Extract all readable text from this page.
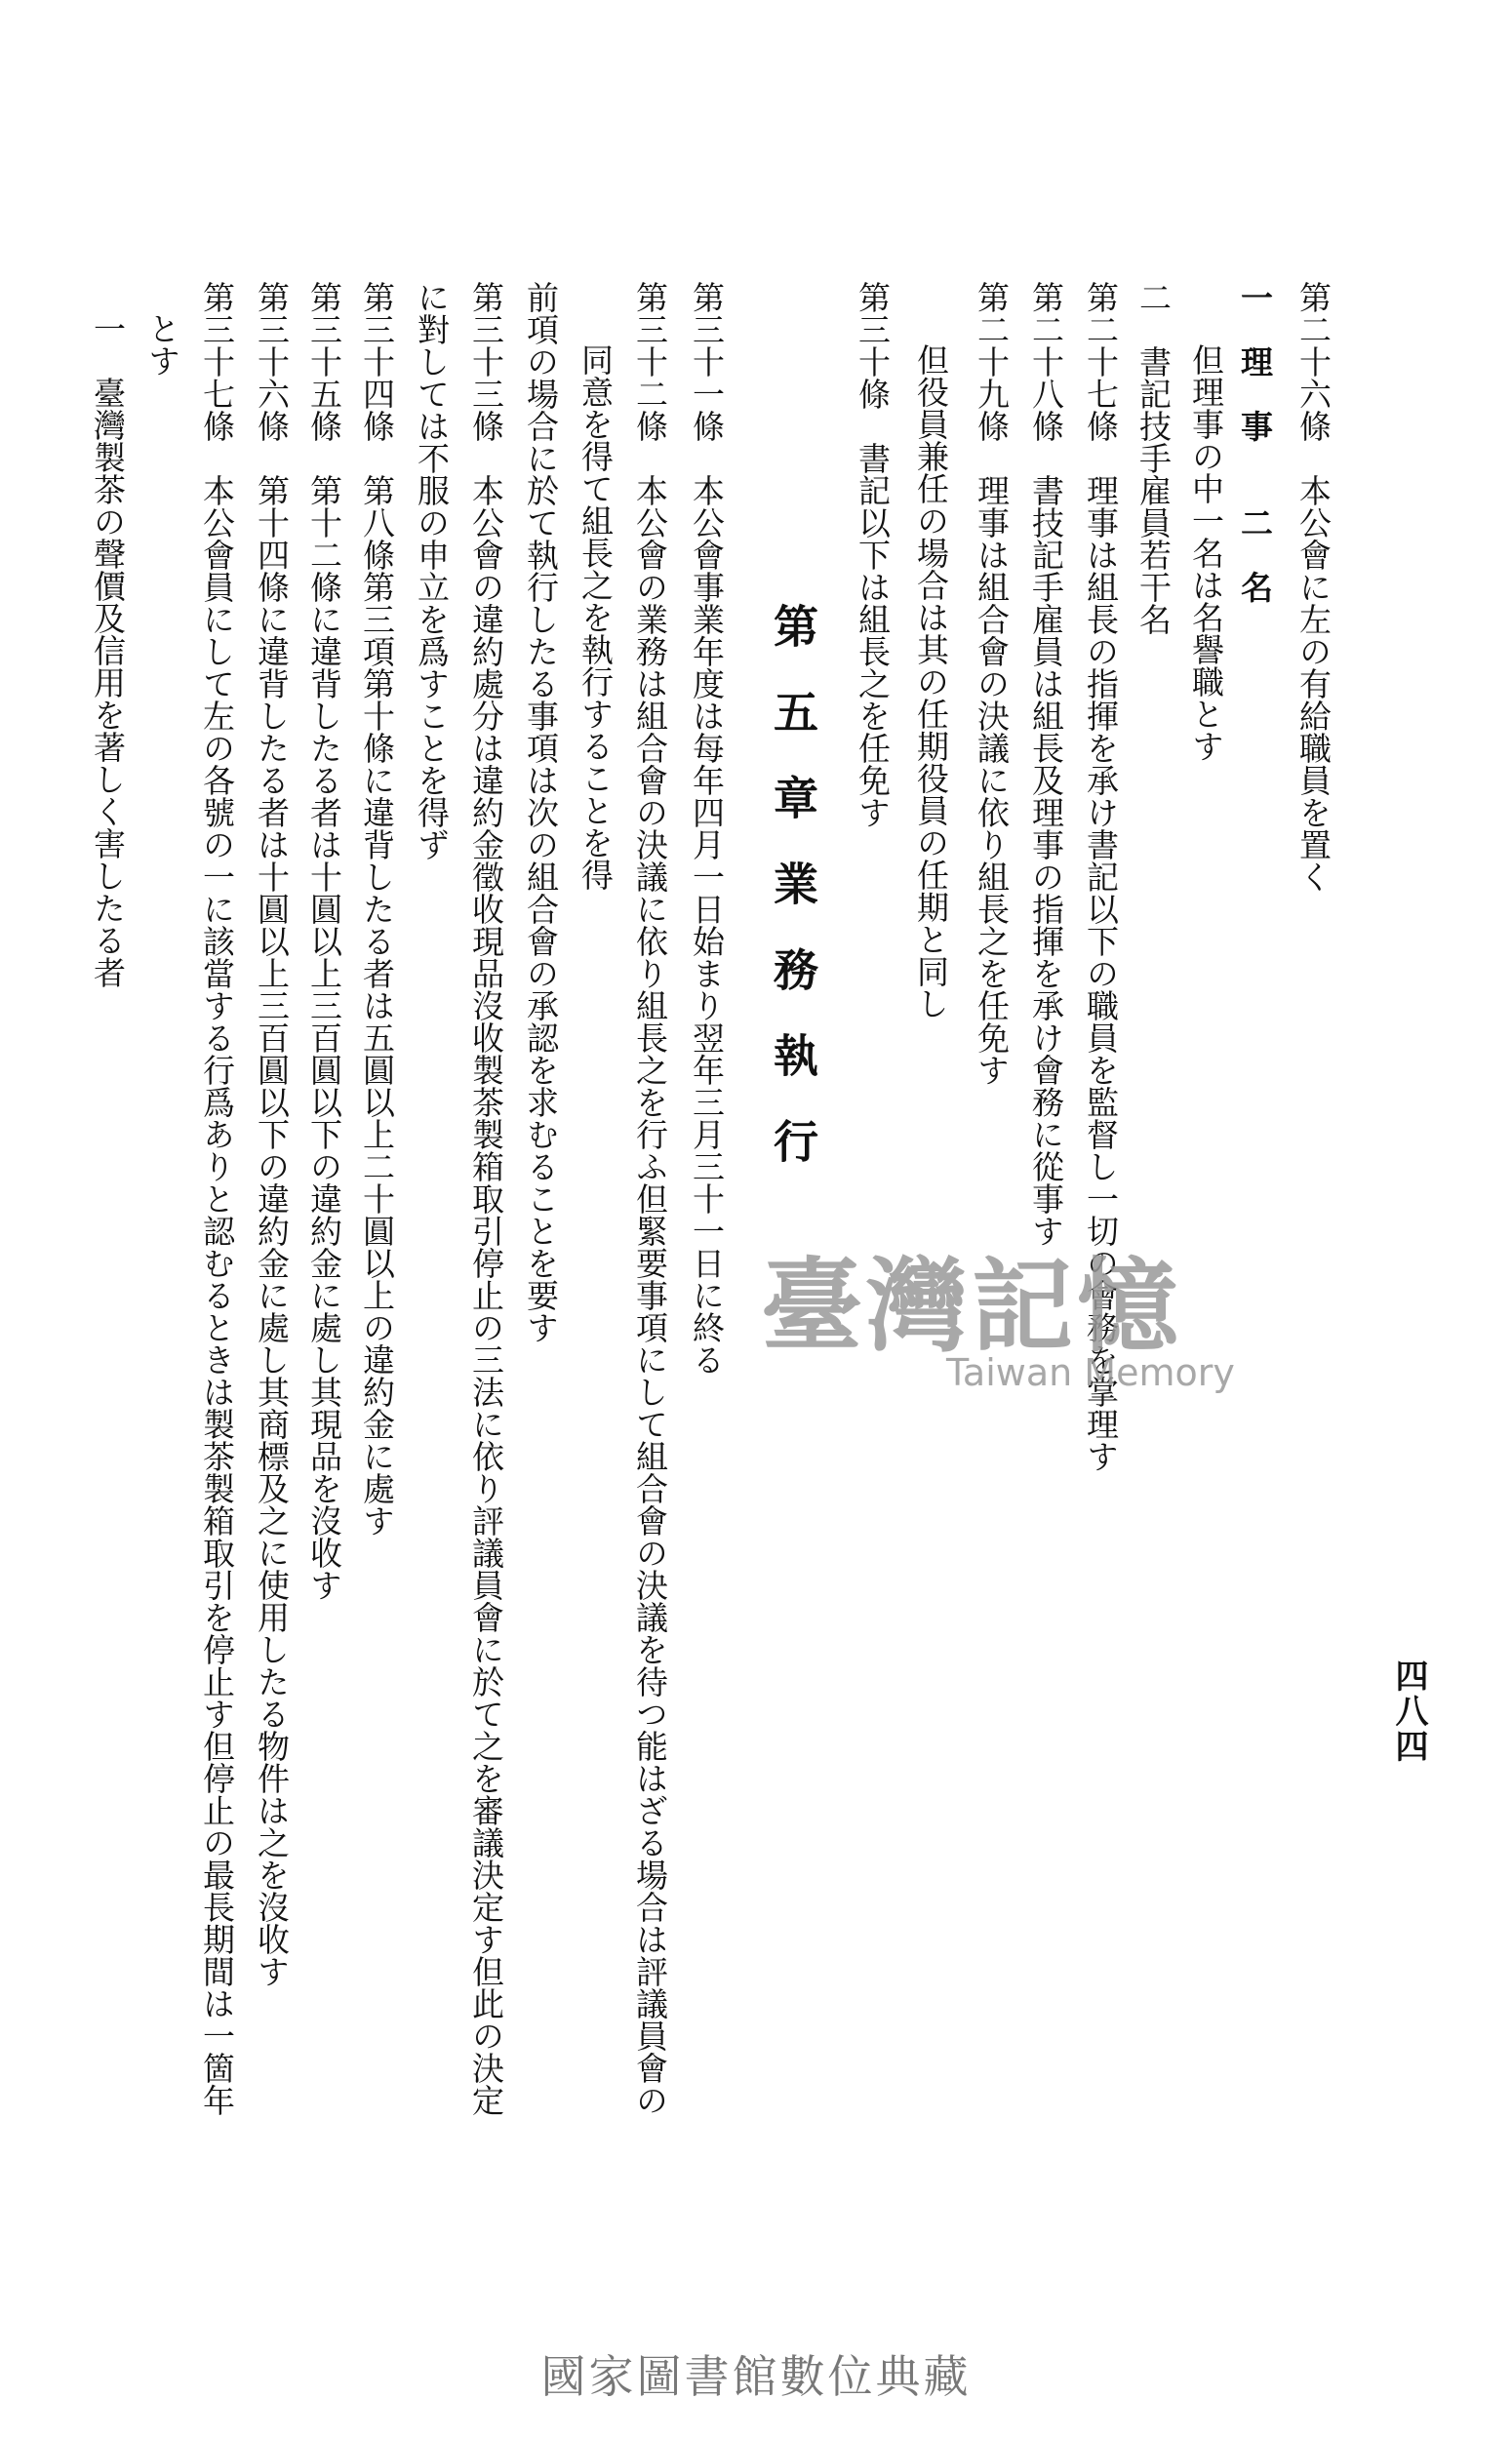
四八四
第二十六條　本公會に左の有給職員を置く
一　理　事　　二　名
但理事の中一名は名譽職とす
二　書記技手雇員若干名
第二十七條　理事は組長の指揮を承け書記以下の職員を監督し一切の會務を掌理す
第二十八條　書技記手雇員は組長及理事の指揮を承け會務に從事す
第二十九條　理事は組合會の決議に依り組長之を任免す
但役員兼任の場合は其の任期役員の任期と同し
第三十條　書記以下は組長之を任免す
第五章業務執行
第三十一條　本公會事業年度は每年四月一日始まり翌年三月三十一日に終る
第三十二條　本公會の業務は組合會の決議に依り組長之を行ふ但緊要事項にして組合會の決議を待つ能はざる場合は評議員會の
同意を得て組長之を執行することを得
前項の場合に於て執行したる事項は次の組合會の承認を求むることを要す
第三十三條　本公會の違約處分は違約金徵收現品沒收製茶製箱取引停止の三法に依り評議員會に於て之を審議決定す但此の決定
に對しては不服の申立を爲すことを得ず
第三十四條　第八條第三項第十條に違背したる者は五圓以上二十圓以上の違約金に處す
第三十五條　第十二條に違背したる者は十圓以上三百圓以下の違約金に處し其現品を沒收す
第三十六條　第十四條に違背したる者は十圓以上三百圓以下の違約金に處し其商標及之に使用したる物件は之を沒收す
第三十七條　本公會員にして左の各號の一に該當する行爲ありと認むるときは製茶製箱取引を停止す但停止の最長期間は一箇年
とす
一　臺灣製茶の聲價及信用を著しく害したる者
臺灣記憶
Taiwan Memory
國家圖書館數位典藏
